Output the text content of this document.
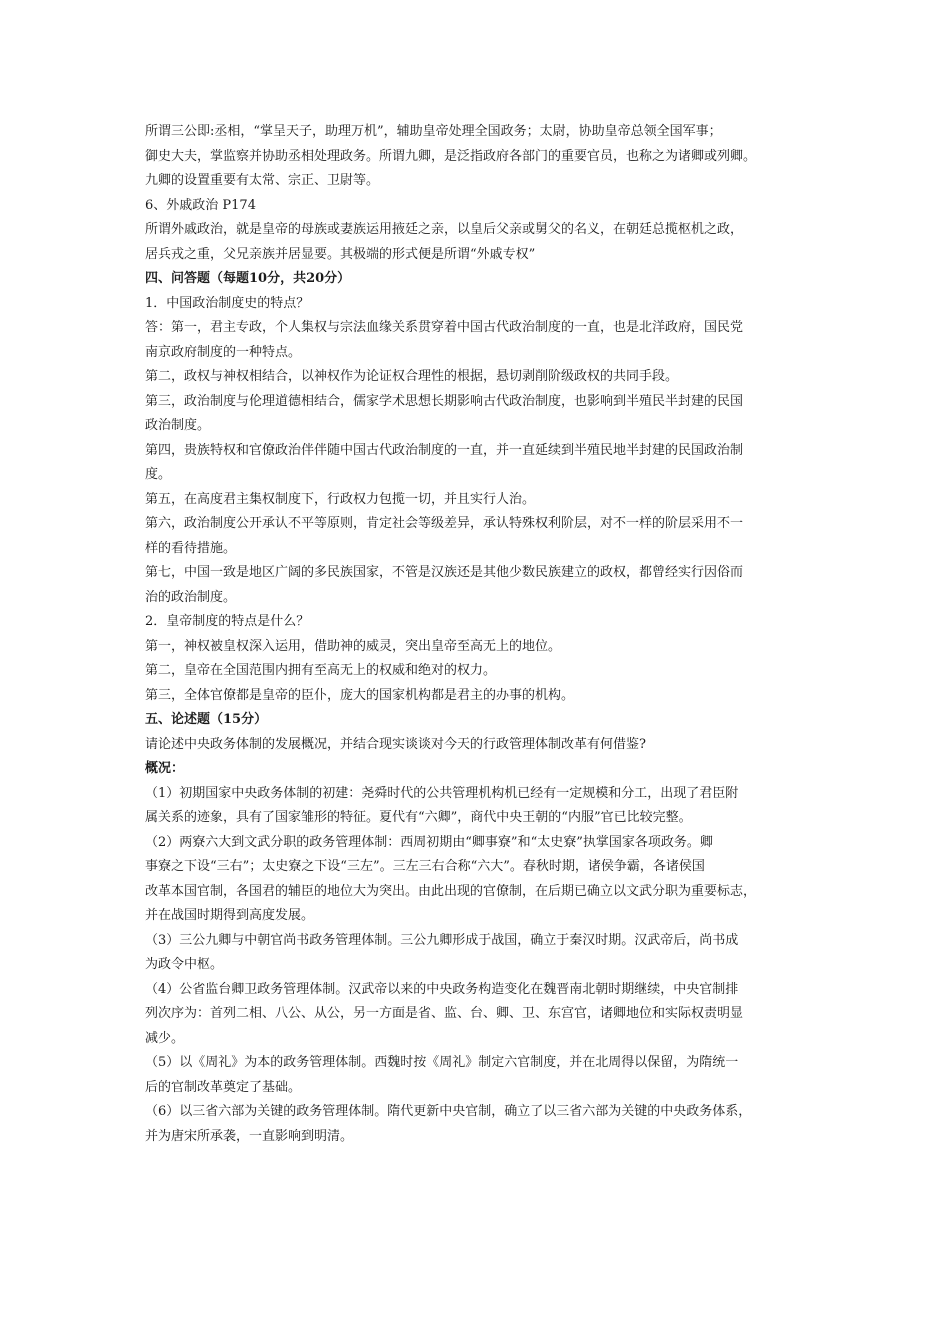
所谓三公即:丞相，“掌呈天子，助理万机”，辅助皇帝处理全国政务；太尉，协助皇帝总领全国军事；

御史大夫，掌监察并协助丞相处理政务。所谓九卿，是泛指政府各部门的重要官员，也称之为诸卿或列卿。

九卿的设置重要有太常、宗正、卫尉等。

6、外戚政治 P174

所谓外戚政治，就是皇帝的母族或妻族运用掖廷之亲，以皇后父亲或舅父的名义，在朝廷总揽枢机之政，

居兵戎之重，父兄亲族并居显要。其极端的形式便是所谓“外戚专权”

四、问答题（每题10分，共20分）

1．中国政治制度史的特点？

答：第一，君主专政，个人集权与宗法血缘关系贯穿着中国古代政治制度的一直，也是北洋政府，国民党

南京政府制度的一种特点。

第二，政权与神权相结合，以神权作为论证权合理性的根据，悬切剥削阶级政权的共同手段。

第三，政治制度与伦理道德相结合，儒家学术思想长期影响古代政治制度，也影响到半殖民半封建的民国

政治制度。

第四，贵族特权和官僚政治伴伴随中国古代政治制度的一直，并一直延续到半殖民地半封建的民国政治制

度。

第五，在高度君主集权制度下，行政权力包揽一切，并且实行人治。

第六，政治制度公开承认不平等原则，肯定社会等级差异，承认特殊权利阶层，对不一样的阶层采用不一

样的看待措施。

第七，中国一致是地区广阔的多民族国家，不管是汉族还是其他少数民族建立的政权，都曾经实行因俗而

治的政治制度。

2．皇帝制度的特点是什么？

第一，神权被皇权深入运用，借助神的威灵，突出皇帝至高无上的地位。

第二，皇帝在全国范围内拥有至高无上的权威和绝对的权力。

第三，全体官僚都是皇帝的臣仆，庞大的国家机构都是君主的办事的机构。

五、论述题（15分）

请论述中央政务体制的发展概况，并结合现实谈谈对今天的行政管理体制改革有何借鉴?

概况：

（1）初期国家中央政务体制的初建：尧舜时代的公共管理机构机已经有一定规模和分工，出现了君臣附

属关系的迹象，具有了国家雏形的特征。夏代有“六卿”，商代中央王朝的“内服”官已比较完整。

（2）两寮六大到文武分职的政务管理体制：西周初期由“卿事寮”和“太史寮”执掌国家各项政务。卿

事寮之下设“三右”；太史寮之下设“三左”。三左三右合称“六大”。春秋时期，诸侯争霸，各诸侯国

改革本国官制，各国君的辅臣的地位大为突出。由此出现的官僚制，在后期已确立以文武分职为重要标志，

并在战国时期得到高度发展。

（3）三公九卿与中朝官尚书政务管理体制。三公九卿形成于战国，确立于秦汉时期。汉武帝后，尚书成

为政令中枢。

（4）公省监台卿卫政务管理体制。汉武帝以来的中央政务构造变化在魏晋南北朝时期继续，中央官制排

列次序为：首列二相、八公、从公，另一方面是省、监、台、卿、卫、东宫官，诸卿地位和实际权责明显

减少。

（5）以《周礼》为本的政务管理体制。西魏时按《周礼》制定六官制度，并在北周得以保留，为隋统一

后的官制改革奠定了基础。

（6）以三省六部为关键的政务管理体制。隋代更新中央官制，确立了以三省六部为关键的中央政务体系，

并为唐宋所承袭，一直影响到明清。
